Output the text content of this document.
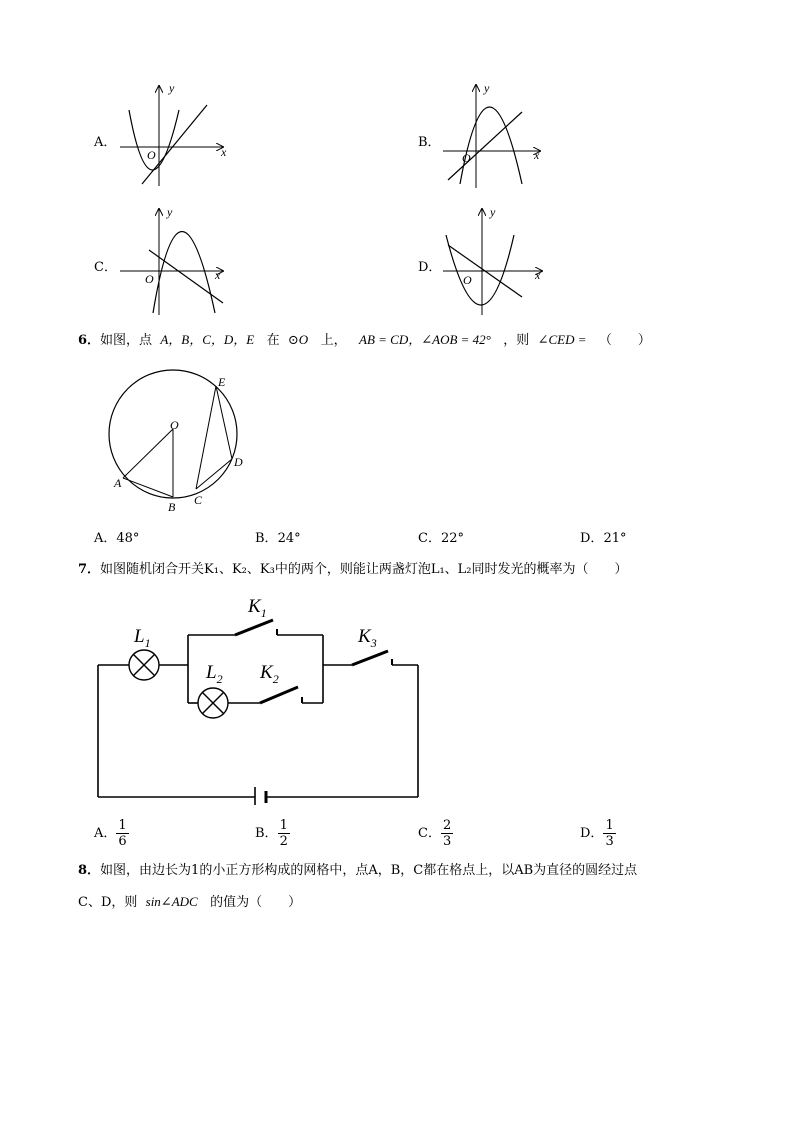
A．
x
y
O
B．
x
y
O
C．	x
y
O
D．	x
y
O
6．如图，点 A，B，C，D，E 在 ⊙O 上， AB = CD，∠AOB = 42° ，则 ∠CED = （　　）
E
O
D
A
B C
A．48°	B．24°	C．22°	D．21°
7．如图随机闭合开关K₁、K₂、K₃中的两个，则能让两盏灯泡L₁、L₂同时发光的概率为（　　）
$L_1$
$L_2$
$K_1$
$K_2$
$K_3$
A． $\frac{1}{6}$	B． $\frac{1}{2}$	C． $\frac{2}{3}$	D． $\frac{1}{3}$
8．如图，由边长为1的小正方形构成的网格中，点A，B，C都在格点上，以AB为直径的圆经过点
C、D，则 sin∠ADC 的值为（　　）
